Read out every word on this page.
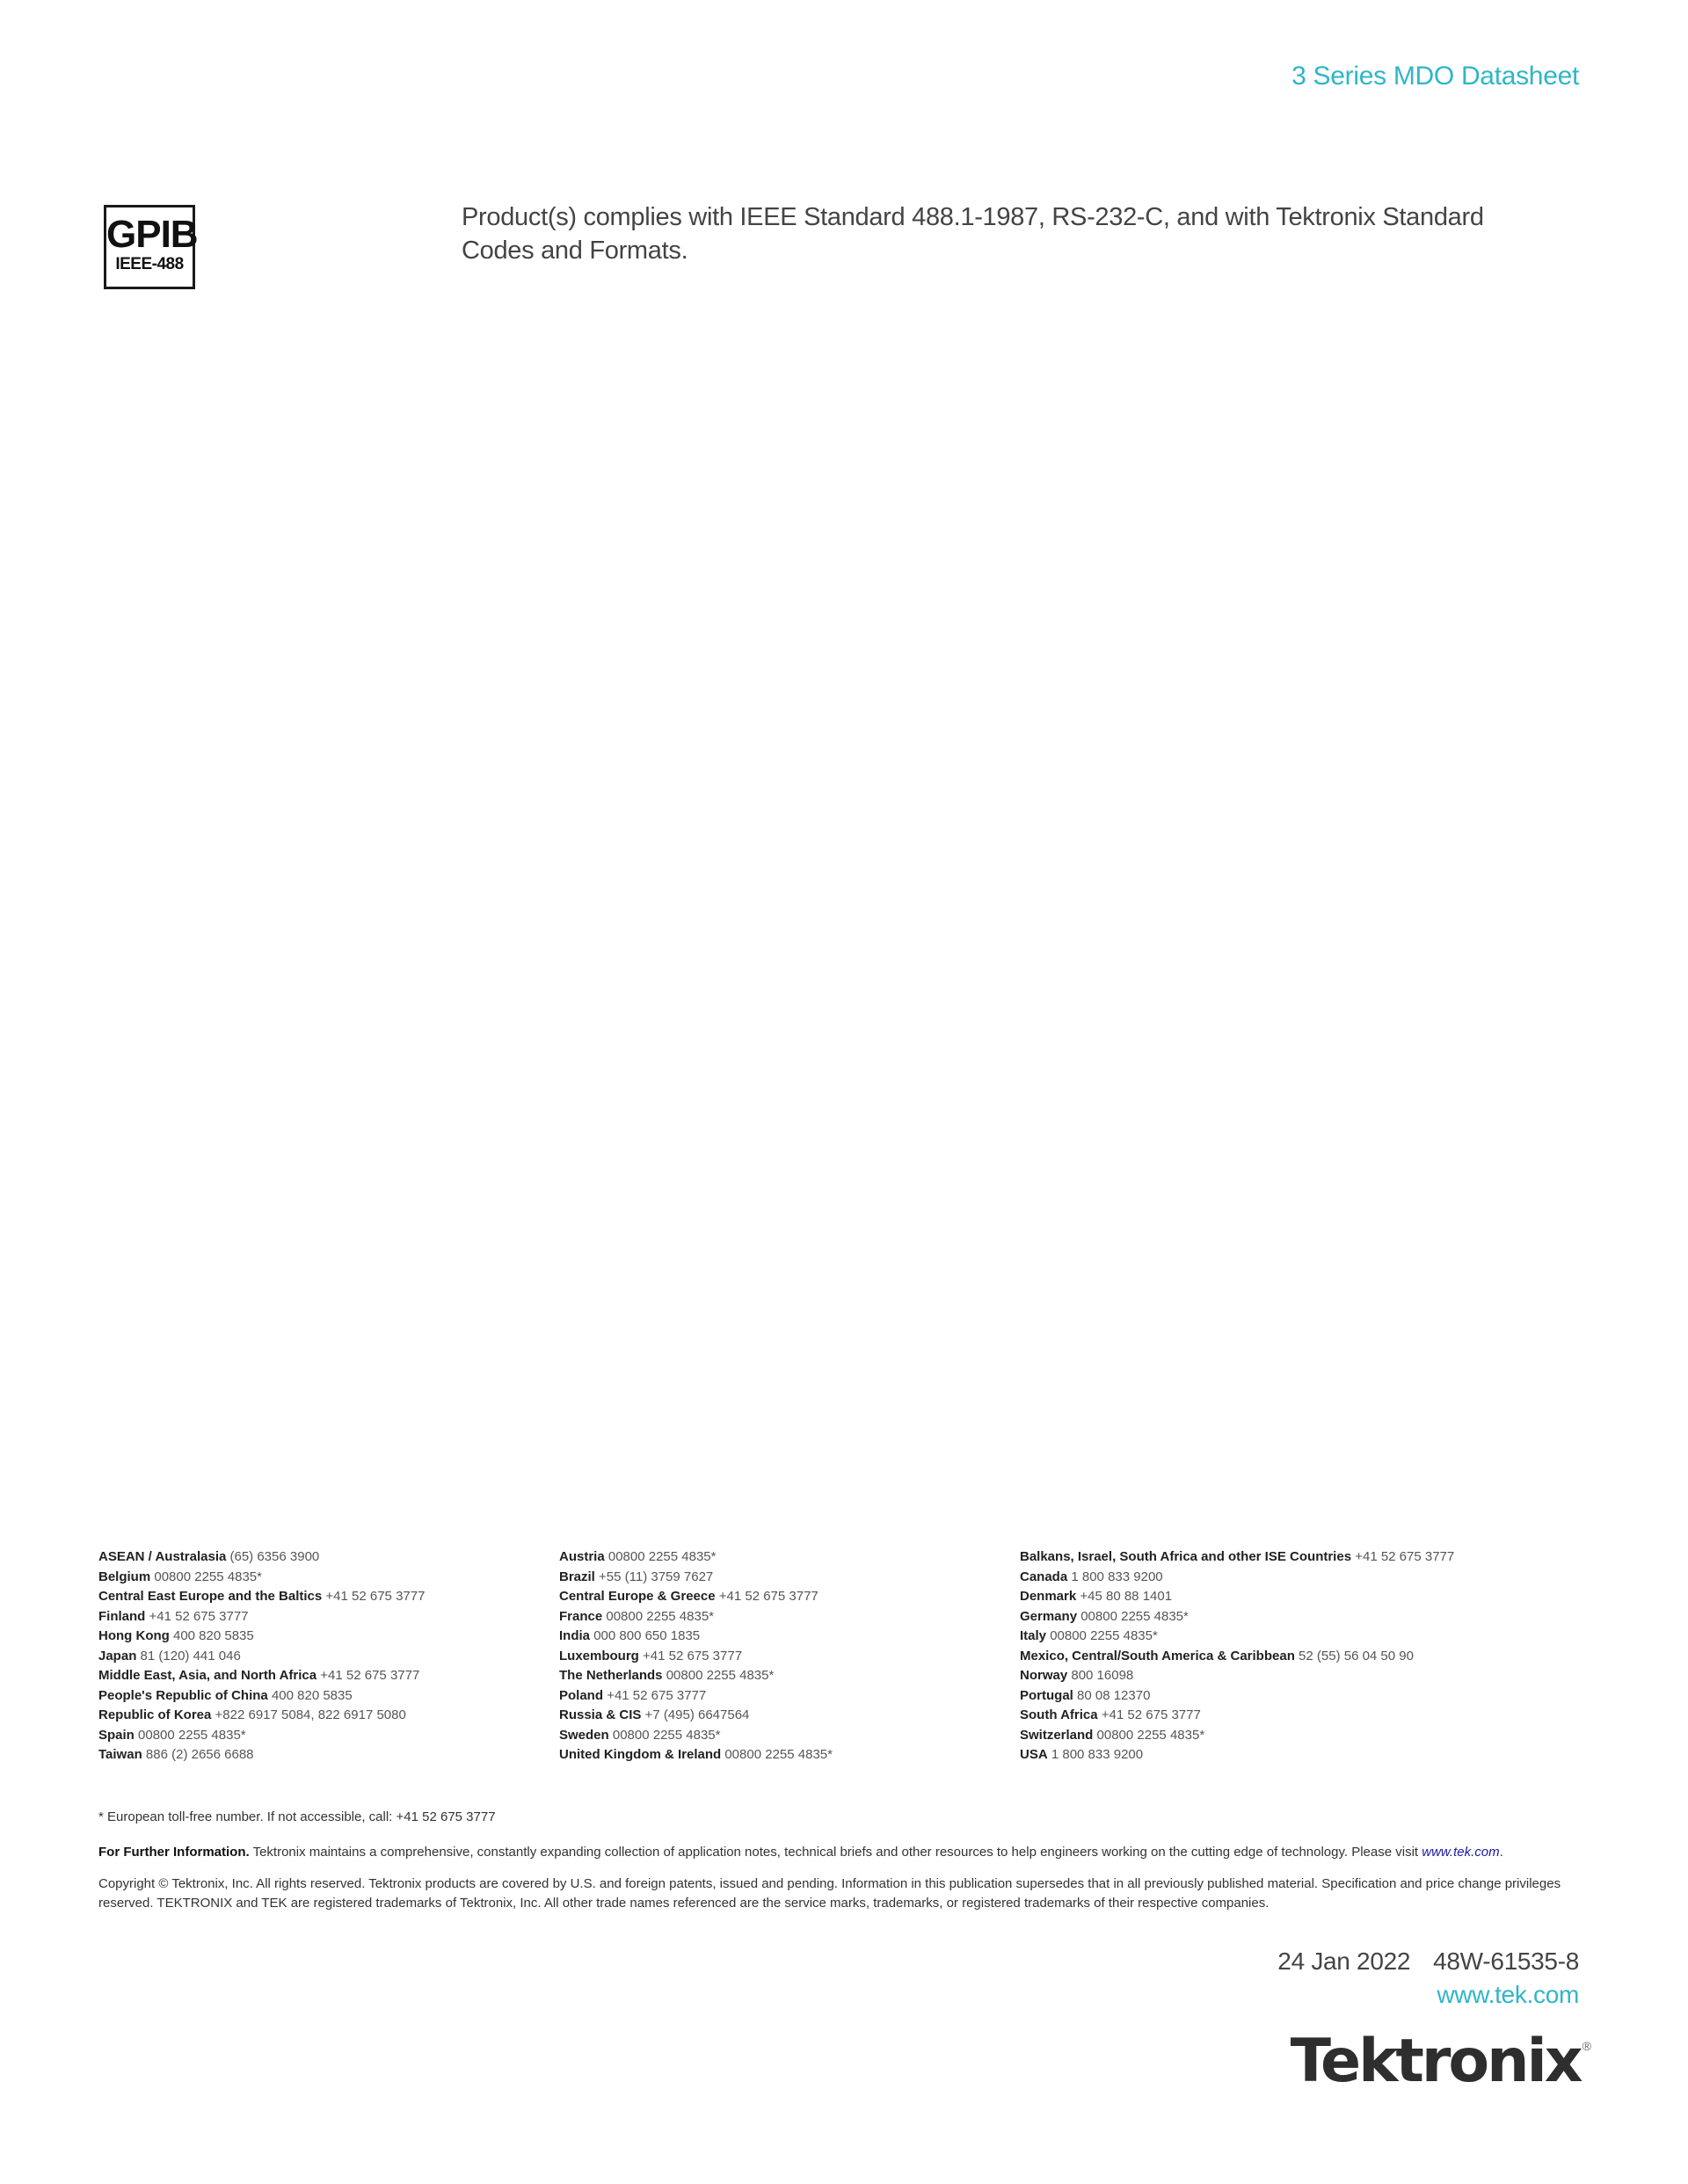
3 Series MDO Datasheet
GPIB
IEEE-488
Product(s) complies with IEEE Standard 488.1-1987, RS-232-C, and with Tektronix Standard Codes and Formats.
ASEAN / Australasia (65) 6356 3900
Belgium 00800 2255 4835*
Central East Europe and the Baltics +41 52 675 3777
Finland +41 52 675 3777
Hong Kong 400 820 5835
Japan 81 (120) 441 046
Middle East, Asia, and North Africa +41 52 675 3777
People's Republic of China 400 820 5835
Republic of Korea +822 6917 5084, 822 6917 5080
Spain 00800 2255 4835*
Taiwan 886 (2) 2656 6688
Austria 00800 2255 4835*
Brazil +55 (11) 3759 7627
Central Europe & Greece +41 52 675 3777
France 00800 2255 4835*
India 000 800 650 1835
Luxembourg +41 52 675 3777
The Netherlands 00800 2255 4835*
Poland +41 52 675 3777
Russia & CIS +7 (495) 6647564
Sweden 00800 2255 4835*
United Kingdom & Ireland 00800 2255 4835*
Balkans, Israel, South Africa and other ISE Countries +41 52 675 3777
Canada 1 800 833 9200
Denmark +45 80 88 1401
Germany 00800 2255 4835*
Italy 00800 2255 4835*
Mexico, Central/South America & Caribbean 52 (55) 56 04 50 90
Norway 800 16098
Portugal 80 08 12370
South Africa +41 52 675 3777
Switzerland 00800 2255 4835*
USA 1 800 833 9200
* European toll-free number. If not accessible, call: +41 52 675 3777
For Further Information. Tektronix maintains a comprehensive, constantly expanding collection of application notes, technical briefs and other resources to help engineers working on the cutting edge of technology. Please visit www.tek.com.
Copyright © Tektronix, Inc. All rights reserved. Tektronix products are covered by U.S. and foreign patents, issued and pending. Information in this publication supersedes that in all previously published material. Specification and price change privileges reserved. TEKTRONIX and TEK are registered trademarks of Tektronix, Inc. All other trade names referenced are the service marks, trademarks, or registered trademarks of their respective companies.
24 Jan 2022 48W-61535-8
www.tek.com
Tektronix ®
